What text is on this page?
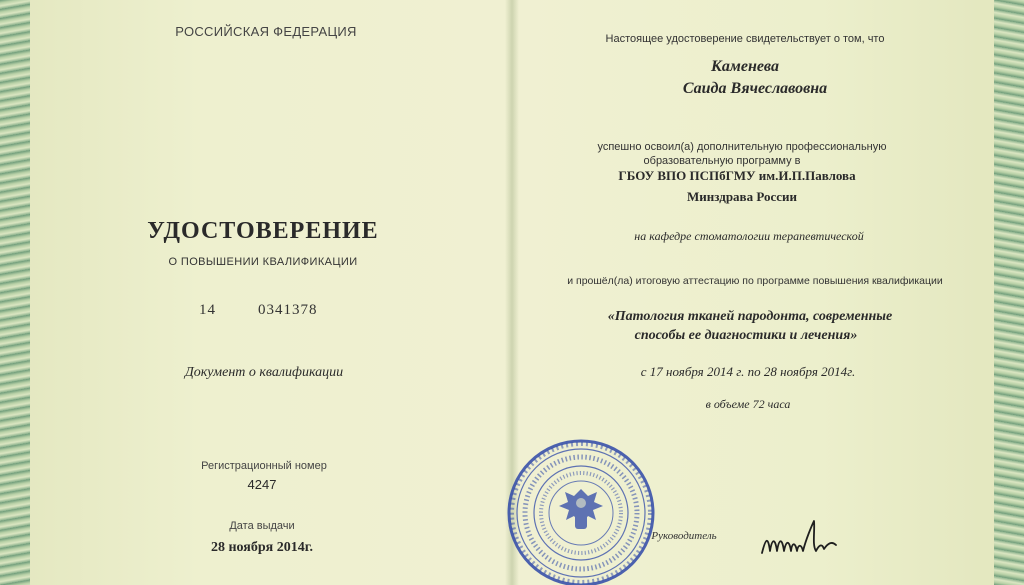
РОССИЙСКАЯ ФЕДЕРАЦИЯ
УДОСТОВЕРЕНИЕ
О ПОВЫШЕНИИ КВАЛИФИКАЦИИ
14	0341378
Документ о квалификации
Регистрационный номер
4247
Дата выдачи
28 ноября 2014г.
Настоящее удостоверение свидетельствует о том, что
Каменева
Саида Вячеславовна
успешно освоил(а) дополнительную профессиональную
образовательную программу в
ГБОУ ВПО ПСПбГМУ им.И.П.Павлова
Минздрава России
на кафедре стоматологии терапевтической
и прошёл(ла) итоговую аттестацию по программе повышения квалификации
«Патология тканей пародонта, современные
способы ее диагностики и лечения»
с 17 ноября 2014 г. по 28 ноября 2014г.
в объеме 72 часа
Руководитель
